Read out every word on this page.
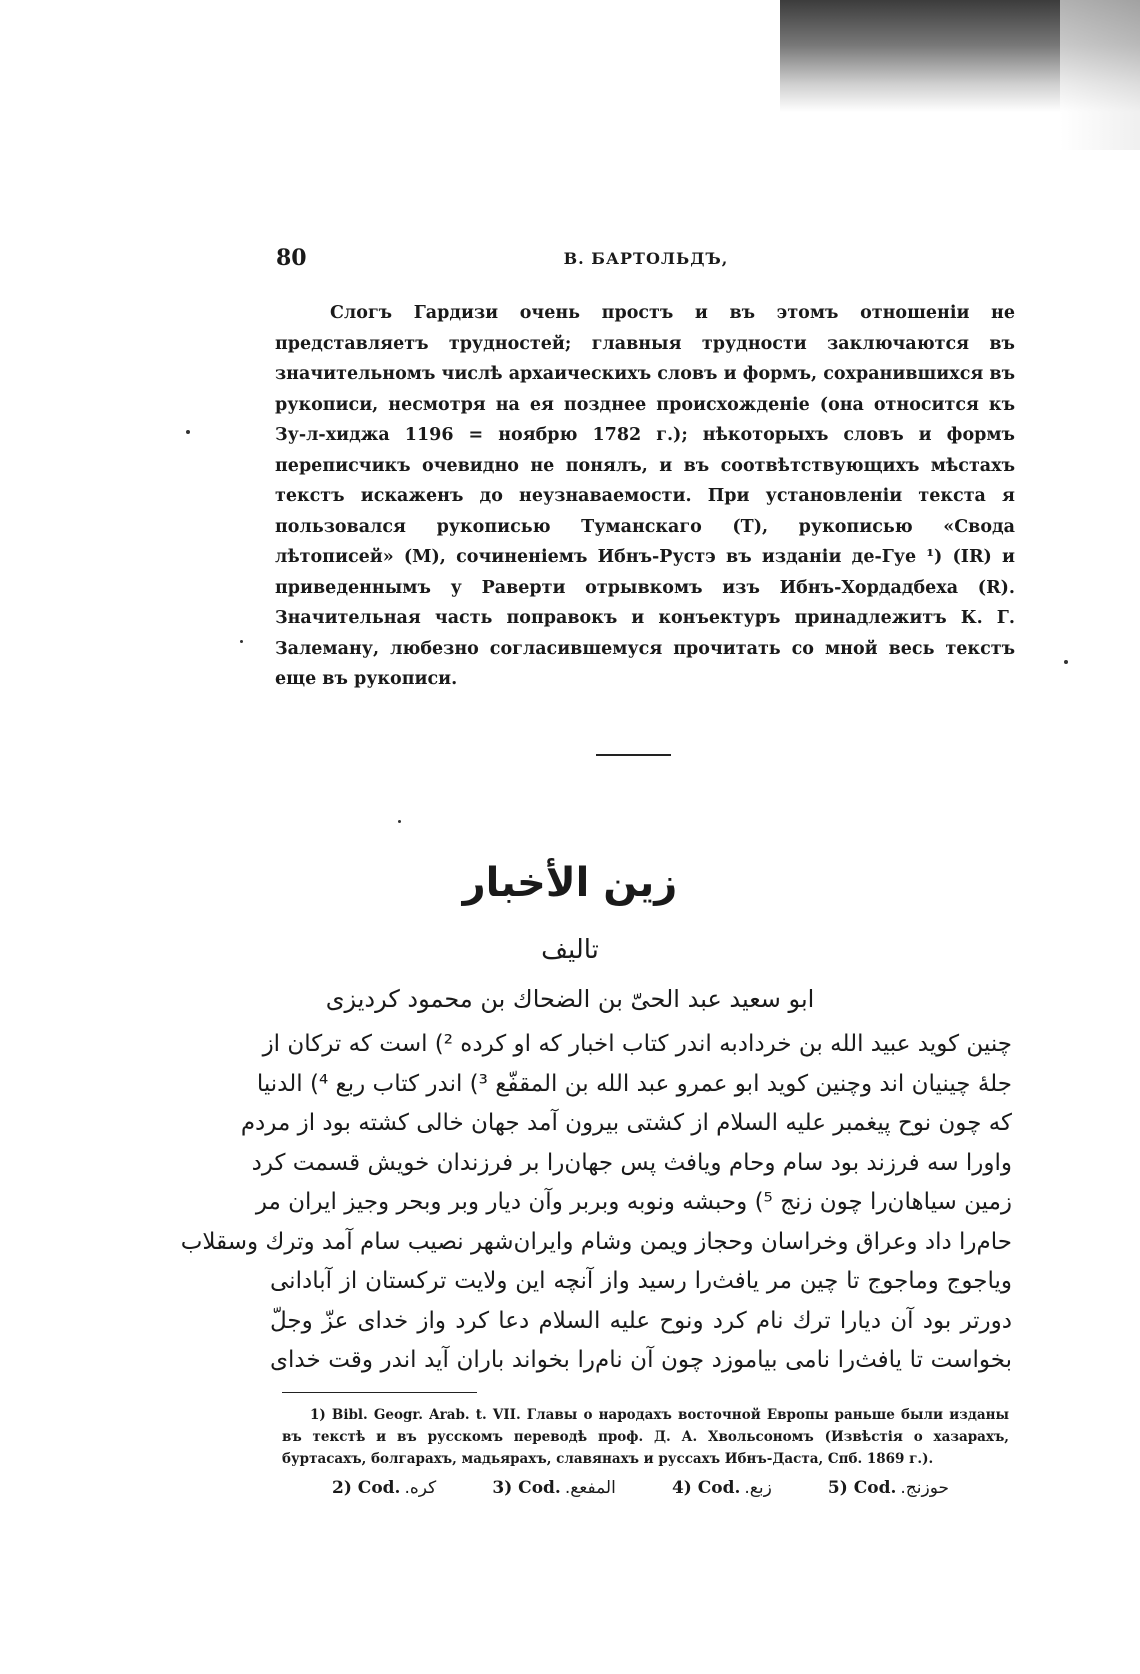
80	В. БАРТОЛЬДЪ,

Слогъ Гардизи очень простъ и въ этомъ отношеніи не представляетъ трудностей; главныя трудности заключаются въ значительномъ числѣ архаическихъ словъ и формъ, сохранившихся въ рукописи, несмотря на ея позднее происхожденіе (она относится къ Зу-л-хиджа 1196 = ноябрю 1782 г.); нѣкоторыхъ словъ и формъ переписчикъ очевидно не понялъ, и въ соотвѣтствующихъ мѣстахъ текстъ искаженъ до неузнаваемости. При установленіи текста я пользовался рукописью Туманскаго (Т), рукописью «Свода лѣтописей» (М), сочиненіемъ Ибнъ-Рустэ въ изданіи де-Гуе ¹) (IR) и приведеннымъ у Раверти отрывкомъ изъ Ибнъ-Хордадбеха (R). Значительная часть поправокъ и конъектуръ принадлежитъ К. Г. Залеману, любезно согласившемуся прочитать со мной весь текстъ еще въ рукописи.

زين الأخبار
تاليف
ابو سعيد عبد الحىّ بن الضحاك بن محمود كرديزى
چنين كويد عبيد الله بن خردادبه اندر كتاب اخبار كه او كرده ²) است كه تركان از
جلۀ چينيان اند وچنين كويد ابو عمرو عبد الله بن المقفّع ³) اندر كتاب ربع ⁴) الدنيا
كه چون نوح پيغمبر عليه السلام از كشتى بيرون آمد جهان خالى كشته بود از مردم
واورا سه فرزند بود سام وحام ويافث پس جهان‌را بر فرزندان خويش قسمت كرد
زمين سياهان‌را چون زنج ⁵) وحبشه ونوبه وبربر وآن ديار وبر وبحر وجيز ايران مر
حام‌را داد وعراق وخراسان وحجاز ويمن وشام وايران‌شهر نصيب سام آمد وترك وسقلاب
وياجوج وماجوج تا چين مر يافث‌را رسيد واز آنچه اين ولايت تركستان از آبادانى
دورتر بود آن ديارا ترك نام كرد ونوح عليه السلام دعا كرد واز خداى عزّ وجلّ
بخواست تا يافث‌را نامى بياموزد چون آن نام‌را بخواند باران آيد اندر وقت خداى

1) Bibl. Geogr. Arab. t. VII. Главы о народахъ восточной Европы раньше были изданы въ текстѣ и въ русскомъ переводѣ проф. Д. А. Хвольсономъ (Извѣстія о хазарахъ, буртасахъ, болгарахъ, мадьярахъ, славянахъ и руссахъ Ибнъ-Даста, Спб. 1869 г.).

2) Cod. كره.	3) Cod. المفعع.	4) Cod. زبع.	5) Cod. حوزنج.
